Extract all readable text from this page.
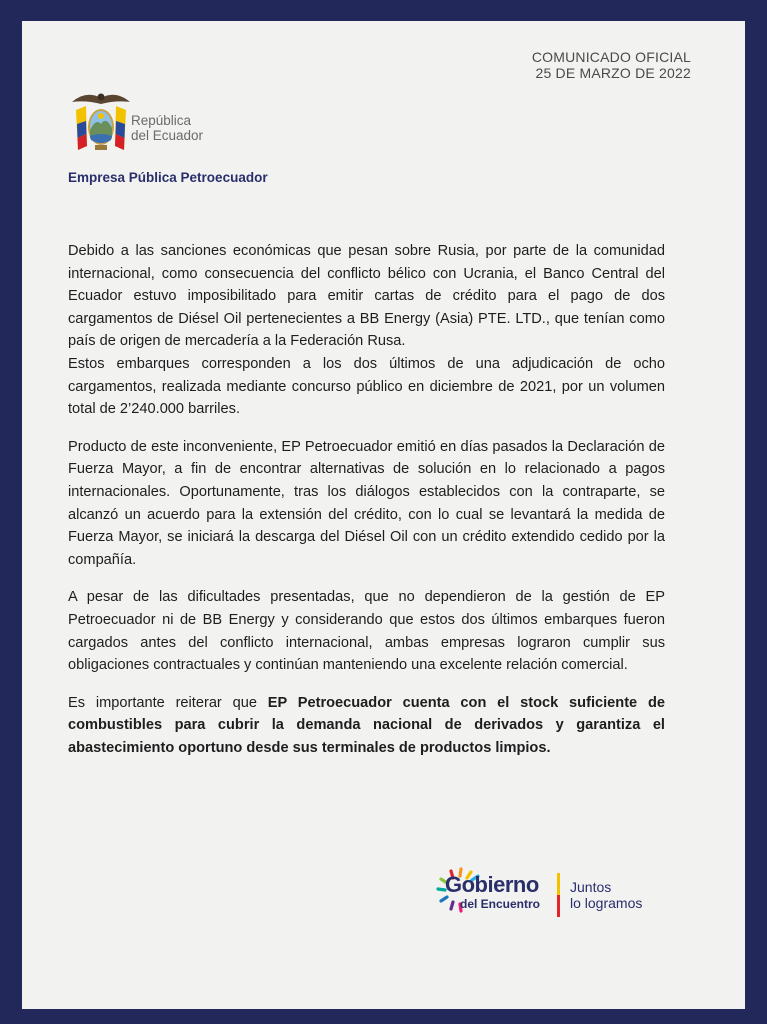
COMUNICADO OFICIAL
25 DE MARZO DE 2022
República
del Ecuador
Empresa Pública Petroecuador

Debido a las sanciones económicas que pesan sobre Rusia, por parte de la comunidad internacional, como consecuencia del conflicto bélico con Ucrania, el Banco Central del Ecuador estuvo imposibilitado para emitir cartas de crédito para el pago de dos cargamentos de Diésel Oil pertenecientes a BB Energy (Asia) PTE. LTD., que tenían como país de origen de mercadería a la Federación Rusa.

Estos embarques corresponden a los dos últimos de una adjudicación de ocho cargamentos, realizada mediante concurso público en diciembre de 2021, por un volumen total de 2’240.000 barriles.

Producto de este inconveniente, EP Petroecuador emitió en días pasados la Declaración de Fuerza Mayor, a fin de encontrar alternativas de solución en lo relacionado a pagos internacionales. Oportunamente, tras los diálogos establecidos con la contraparte, se alcanzó un acuerdo para la extensión del crédito, con lo cual se levantará la medida de Fuerza Mayor, se iniciará la descarga del Diésel Oil con un crédito extendido cedido por la compañía.

A pesar de las dificultades presentadas, que no dependieron de la gestión de EP Petroecuador ni de BB Energy y considerando que estos dos últimos embarques fueron cargados antes del conflicto internacional, ambas empresas lograron cumplir sus obligaciones contractuales y continúan manteniendo una excelente relación comercial.

Es importante reiterar que EP Petroecuador cuenta con el stock suficiente de combustibles para cubrir la demanda nacional de derivados y garantiza el abastecimiento oportuno desde sus terminales de productos limpios.

Gobierno
del Encuentro
Juntos
lo logramos
